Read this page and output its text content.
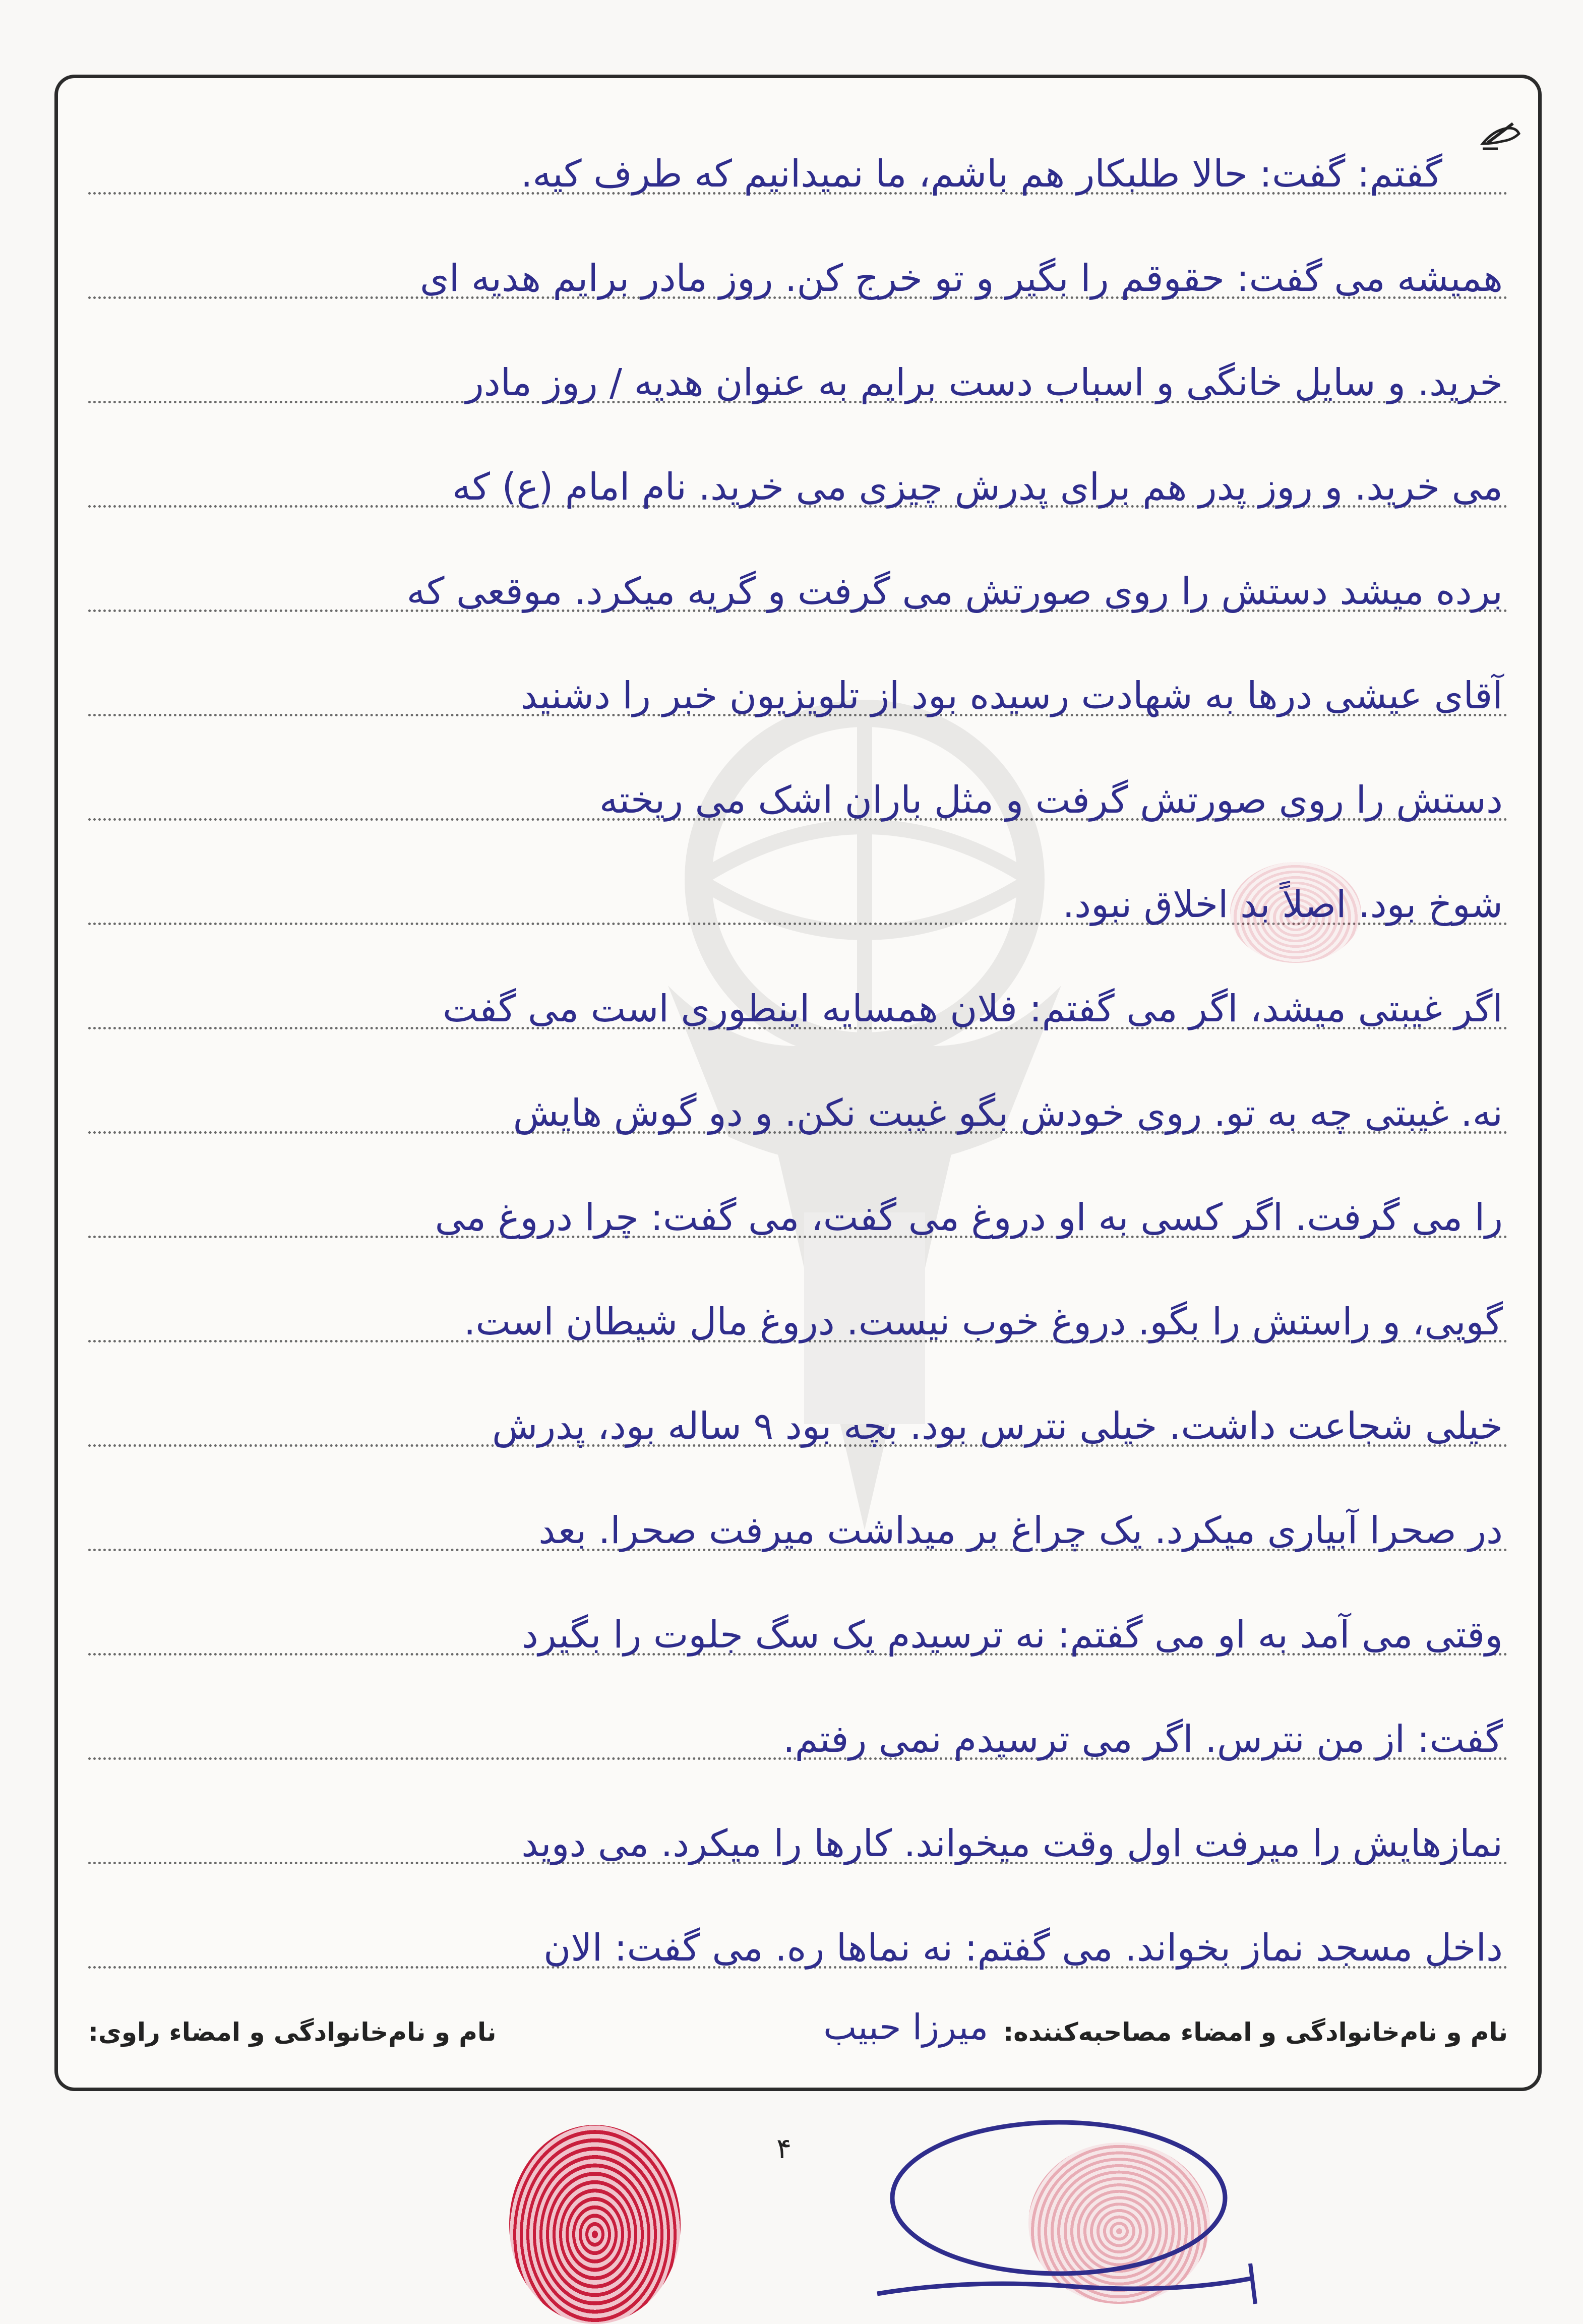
گفتم: گفت: حالا طلبکار هم باشم، ما نمیدانیم که طرف کیه.
همیشه می گفت: حقوقم را بگیر و تو خرج کن. روز مادر برایم هدیه ای
خرید. و سایل خانگی و اسباب دست برایم به عنوان هدیه / روز مادر
می خرید. و روز پدر هم برای پدرش چیزی می خرید. نام امام (ع) که
برده میشد دستش را روی صورتش می گرفت و گریه میکرد. موقعی که
آقای عیشی درها به شهادت رسیده بود از تلویزیون خبر را دشنید
دستش را روی صورتش گرفت و مثل باران اشک می ریخته
شوخ بود. اصلاً بد اخلاق نبود.
اگر غیبتی میشد، اگر می گفتم: فلان همسایه اینطوری است می گفت
نه. غیبتی چه به تو. روی خودش بگو غیبت نکن. و دو گوش هایش
را می گرفت. اگر کسی به او دروغ می گفت، می گفت: چرا دروغ می
گویی، و راستش را بگو. دروغ خوب نیست. دروغ مال شیطان است.
خیلی شجاعت داشت. خیلی نترس بود. بچه بود ۹ ساله بود، پدرش
در صحرا آبیاری میکرد. یک چراغ بر میداشت میرفت صحرا. بعد
وقتی می آمد به او می گفتم: نه ترسیدم یک سگ جلوت را بگیرد
گفت: از من نترس. اگر می ترسیدم نمی رفتم.
نمازهایش را میرفت اول وقت میخواند. کارها را میکرد. می دوید
داخل مسجد نماز بخواند. می گفتم: نه نماها ره. می گفت: الان
نام و نام‌خانوادگی و امضاء مصاحبه‌کننده:
میرزا حبیب
نام و نام‌خانوادگی و امضاء راوی:
۴
